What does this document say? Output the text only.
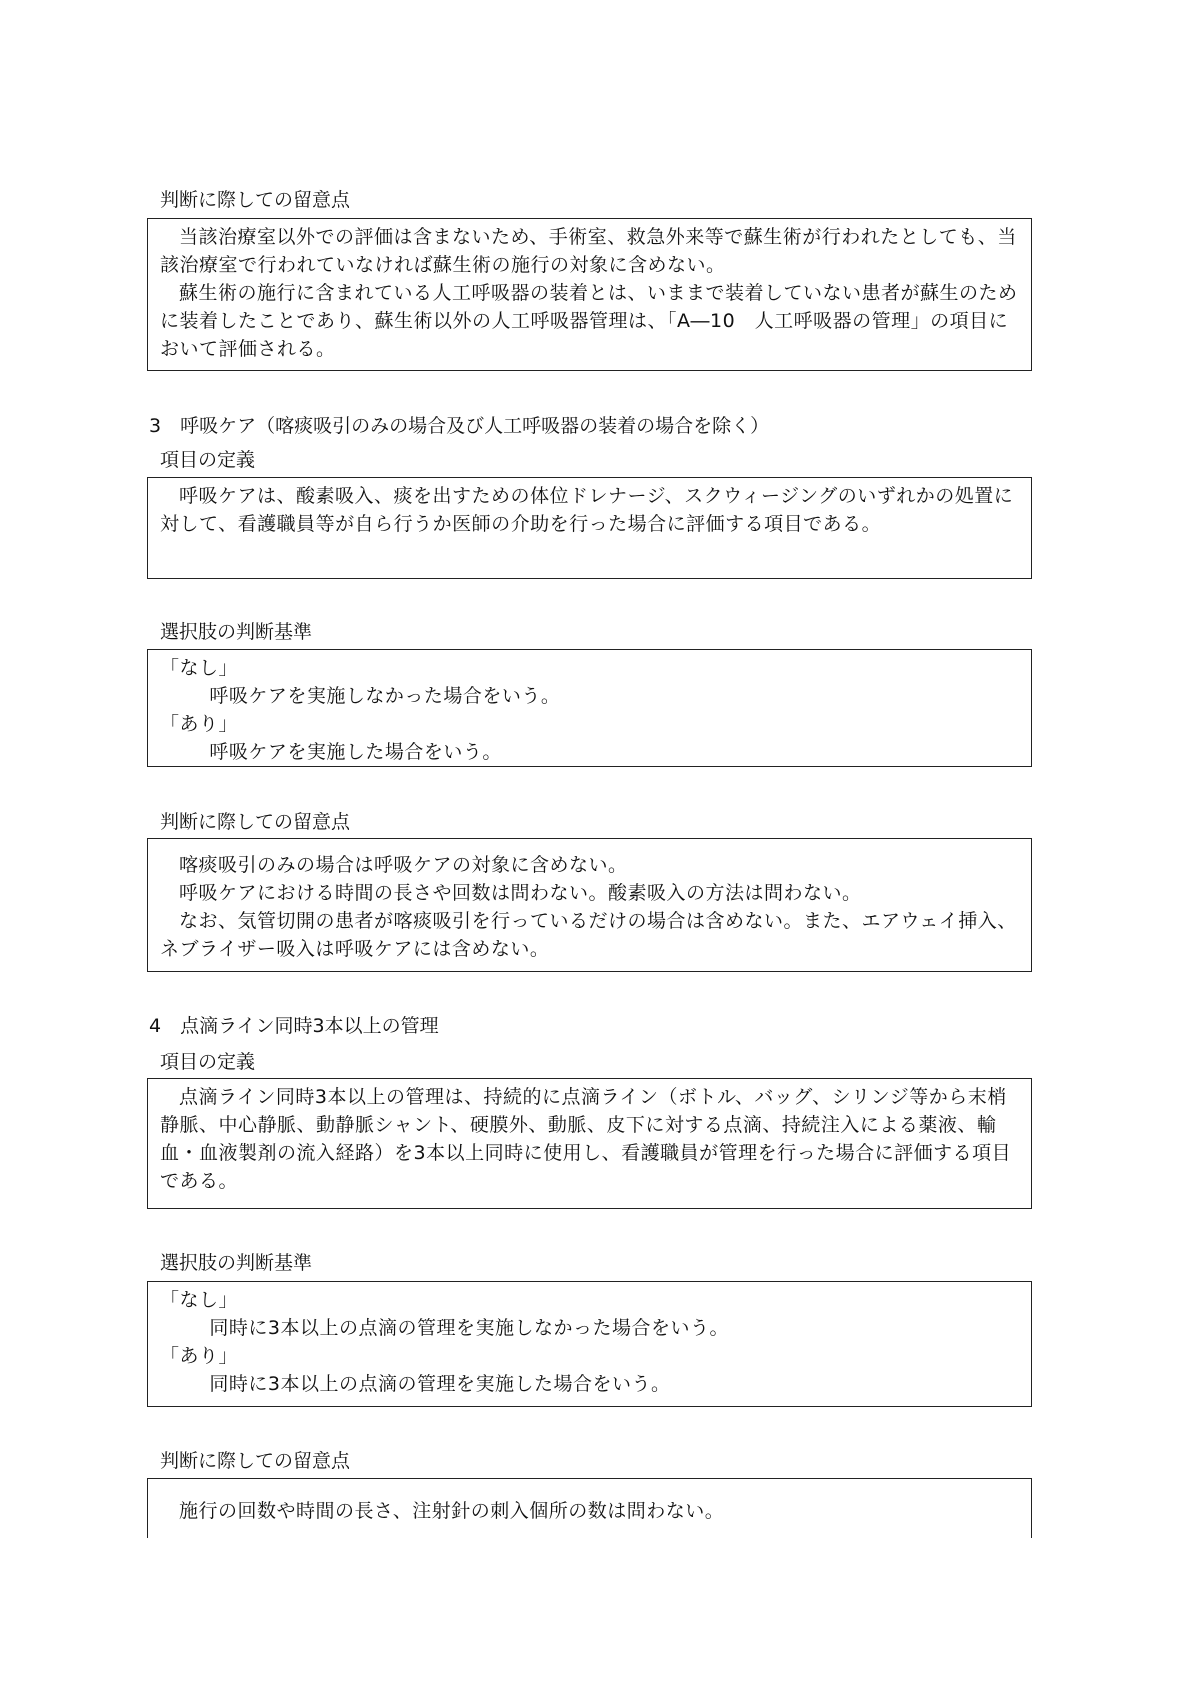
判断に際しての留意点

当該治療室以外での評価は含まないため、手術室、救急外来等で蘇生術が行われたとしても、当該治療室で行われていなければ蘇生術の施行の対象に含めない。

蘇生術の施行に含まれている人工呼吸器の装着とは、いままで装着していない患者が蘇生のために装着したことであり、蘇生術以外の人工呼吸器管理は、「A―10　人工呼吸器の管理」の項目において評価される。

3　呼吸ケア（喀痰吸引のみの場合及び人工呼吸器の装着の場合を除く）
項目の定義

呼吸ケアは、酸素吸入、痰を出すための体位ドレナージ、スクウィージングのいずれかの処置に対して、看護職員等が自ら行うか医師の介助を行った場合に評価する項目である。

選択肢の判断基準

「なし」

呼吸ケアを実施しなかった場合をいう。

「あり」

呼吸ケアを実施した場合をいう。

判断に際しての留意点

喀痰吸引のみの場合は呼吸ケアの対象に含めない。

呼吸ケアにおける時間の長さや回数は問わない。酸素吸入の方法は問わない。

なお、気管切開の患者が喀痰吸引を行っているだけの場合は含めない。また、エアウェイ挿入、ネブライザー吸入は呼吸ケアには含めない。

4　点滴ライン同時3本以上の管理
項目の定義

点滴ライン同時3本以上の管理は、持続的に点滴ライン（ボトル、バッグ、シリンジ等から末梢静脈、中心静脈、動静脈シャント、硬膜外、動脈、皮下に対する点滴、持続注入による薬液、輸血・血液製剤の流入経路）を3本以上同時に使用し、看護職員が管理を行った場合に評価する項目である。

選択肢の判断基準

「なし」

同時に3本以上の点滴の管理を実施しなかった場合をいう。

「あり」

同時に3本以上の点滴の管理を実施した場合をいう。

判断に際しての留意点

施行の回数や時間の長さ、注射針の刺入個所の数は問わない。
